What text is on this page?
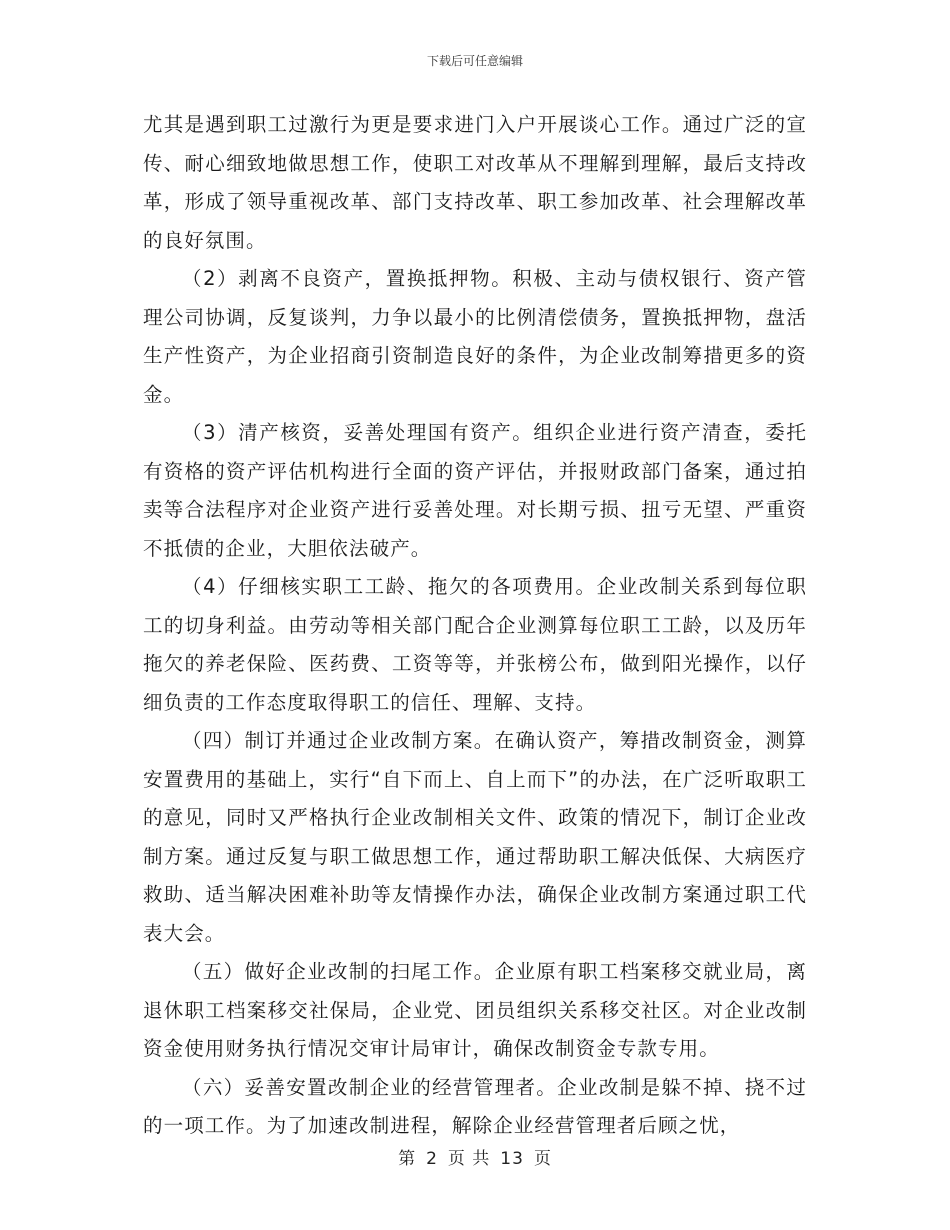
下载后可任意编辑

尤其是遇到职工过激行为更是要求进门入户开展谈心工作。通过广泛的宣传、耐心细致地做思想工作，使职工对改革从不理解到理解，最后支持改革，形成了领导重视改革、部门支持改革、职工参加改革、社会理解改革的良好氛围。

（2）剥离不良资产，置换抵押物。积极、主动与债权银行、资产管理公司协调，反复谈判，力争以最小的比例清偿债务，置换抵押物，盘活生产性资产，为企业招商引资制造良好的条件，为企业改制筹措更多的资金。

（3）清产核资，妥善处理国有资产。组织企业进行资产清查，委托有资格的资产评估机构进行全面的资产评估，并报财政部门备案，通过拍卖等合法程序对企业资产进行妥善处理。对长期亏损、扭亏无望、严重资不抵债的企业，大胆依法破产。

（4）仔细核实职工工龄、拖欠的各项费用。企业改制关系到每位职工的切身利益。由劳动等相关部门配合企业测算每位职工工龄，以及历年拖欠的养老保险、医药费、工资等等，并张榜公布，做到阳光操作，以仔细负责的工作态度取得职工的信任、理解、支持。

（四）制订并通过企业改制方案。在确认资产，筹措改制资金，测算安置费用的基础上，实行“自下而上、自上而下”的办法，在广泛听取职工的意见，同时又严格执行企业改制相关文件、政策的情况下，制订企业改制方案。通过反复与职工做思想工作，通过帮助职工解决低保、大病医疗救助、适当解决困难补助等友情操作办法，确保企业改制方案通过职工代表大会。

（五）做好企业改制的扫尾工作。企业原有职工档案移交就业局，离退休职工档案移交社保局，企业党、团员组织关系移交社区。对企业改制资金使用财务执行情况交审计局审计，确保改制资金专款专用。

（六）妥善安置改制企业的经营管理者。企业改制是躲不掉、挠不过的一项工作。为了加速改制进程，解除企业经营管理者后顾之忧，

第 2 页 共 13 页
